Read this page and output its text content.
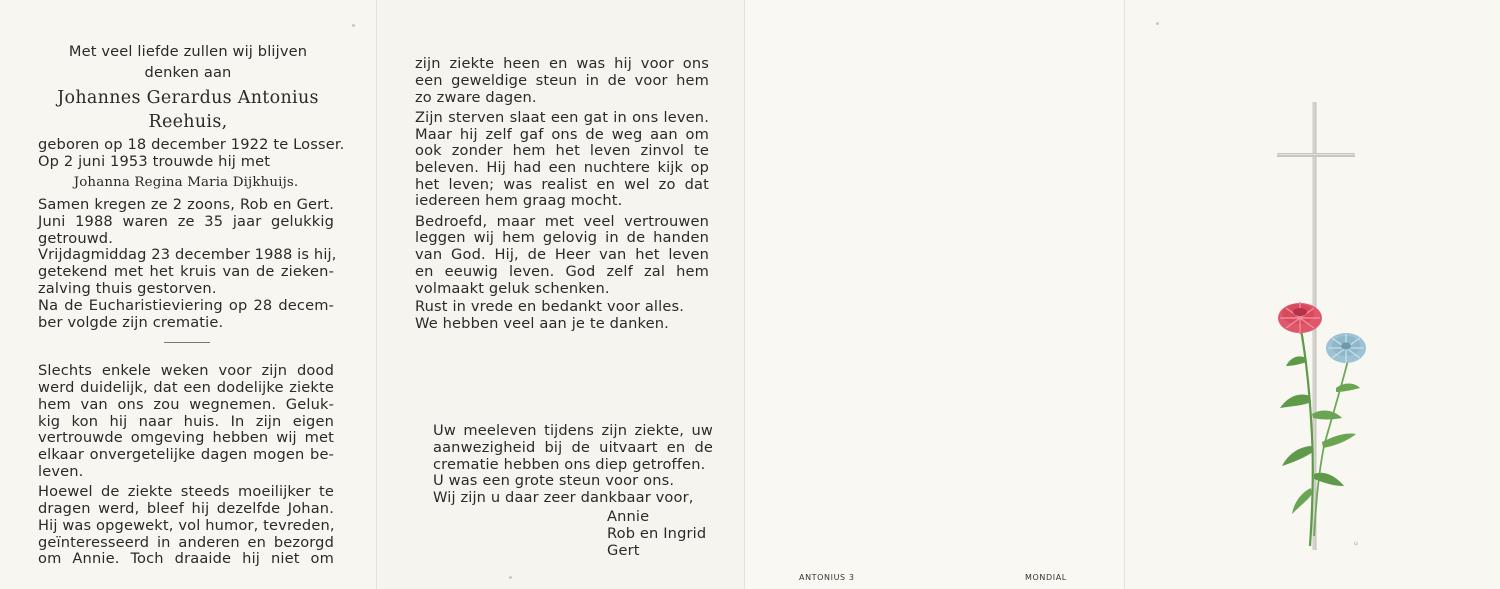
Met veel liefde zullen wij blijven
denken aan
Johannes Gerardus Antonius
Reehuis,
geboren op 18 december 1922 te Losser.
Op 2 juni 1953 trouwde hij met
Johanna Regina Maria Dijkhuijs.
Samen kregen ze 2 zoons, Rob en Gert.
Juni 1988 waren ze 35 jaar gelukkig
getrouwd.
Vrijdagmiddag 23 december 1988 is hij,
getekend met het kruis van de zieken-
zalving thuis gestorven.
Na de Eucharistieviering op 28 decem-
ber volgde zijn crematie.
Slechts enkele weken voor zijn dood
werd duidelijk, dat een dodelijke ziekte
hem van ons zou wegnemen. Geluk-
kig kon hij naar huis. In zijn eigen
vertrouwde omgeving hebben wij met
elkaar onvergetelijke dagen mogen be-
leven.
Hoewel de ziekte steeds moeilijker te
dragen werd, bleef hij dezelfde Johan.
Hij was opgewekt, vol humor, tevreden,
geïnteresseerd in anderen en bezorgd
om Annie. Toch draaide hij niet om
zijn ziekte heen en was hij voor ons
een geweldige steun in de voor hem
zo zware dagen.
Zijn sterven slaat een gat in ons leven.
Maar hij zelf gaf ons de weg aan om
ook zonder hem het leven zinvol te
beleven. Hij had een nuchtere kijk op
het leven; was realist en wel zo dat
iedereen hem graag mocht.
Bedroefd, maar met veel vertrouwen
leggen wij hem gelovig in de handen
van God. Hij, de Heer van het leven
en eeuwig leven. God zelf zal hem
volmaakt geluk schenken.
Rust in vrede en bedankt voor alles.
We hebben veel aan je te danken.
Uw meeleven tijdens zijn ziekte, uw
aanwezigheid bij de uitvaart en de
crematie hebben ons diep getroffen.
U was een grote steun voor ons.
Wij zijn u daar zeer dankbaar voor,
Annie
Rob en Ingrid
Gert
ANTONIUS 3	MONDIAL
©
